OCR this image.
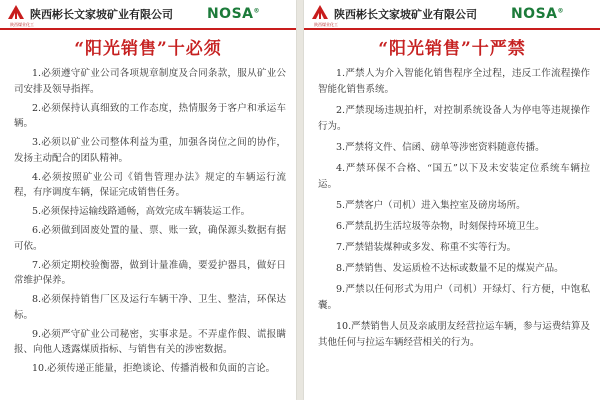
陕西煤业化工
陕西彬长文家坡矿业有限公司 NOSA®
“阳光销售”十必须

1.必须遵守矿业公司各项规章制度及合同条款，服从矿业公司安排及领导指挥。

2.必须保持认真细致的工作态度，热情服务于客户和承运车辆。

3.必须以矿业公司整体利益为重，加强各岗位之间的协作，发扬主动配合的团队精神。

4.必须按照矿业公司《销售管理办法》规定的车辆运行流程，有序调度车辆，保证完成销售任务。

5.必须保持运输线路通畅，高效完成车辆装运工作。

6.必须做到固废处置的量、票、账一致，确保源头数据有据可依。

7.必须定期校验衡器，做到计量准确，要爱护器具，做好日常维护保养。

8.必须保持销售厂区及运行车辆干净、卫生、整洁，环保达标。

9.必须严守矿业公司秘密，实事求是。不弄虚作假、谎报瞒报、向他人透露煤质指标、与销售有关的涉密数据。

10.必须传递正能量，拒绝谈论、传播消极和负面的言论。

陕西煤业化工
陕西彬长文家坡矿业有限公司 NOSA®
“阳光销售”十严禁

1.严禁人为介入智能化销售程序全过程，违反工作流程操作智能化销售系统。

2.严禁现场违规拍杆，对控制系统设备人为停电等违规操作行为。

3.严禁将文件、信函、磅单等涉密资料随意传播。

4.严禁环保不合格、“国五”以下及未安装定位系统车辆拉运。

5.严禁客户（司机）进入集控室及磅房场所。

6.严禁乱扔生活垃圾等杂物，时刻保持环境卫生。

7.严禁错装煤种或多发、称重不实等行为。

8.严禁销售、发运质检不达标或数量不足的煤炭产品。

9.严禁以任何形式为用户（司机）开绿灯、行方便，中饱私囊。

10.严禁销售人员及亲戚朋友经营拉运车辆，参与运费结算及其他任何与拉运车辆经营相关的行为。
